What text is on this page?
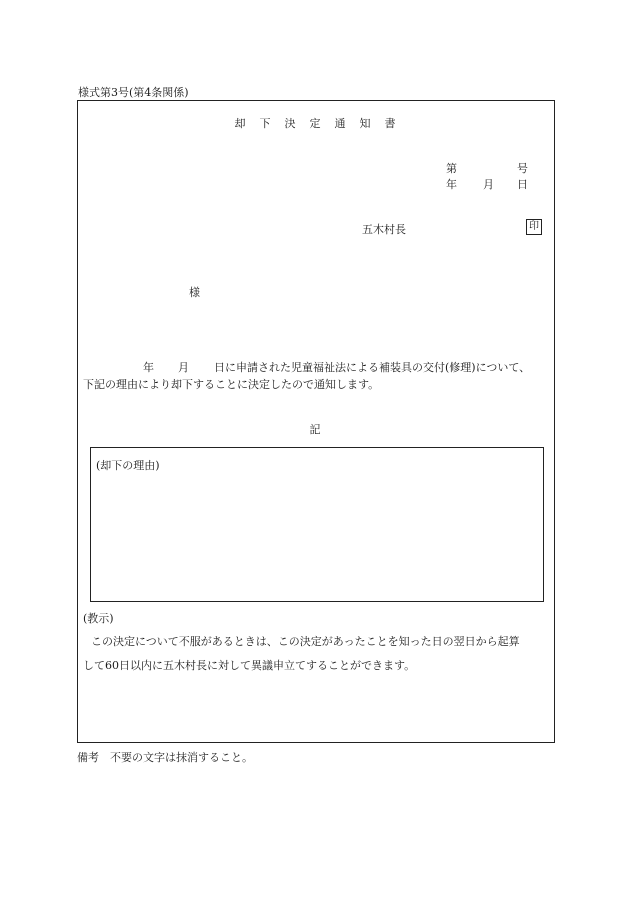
様式第3号(第4条関係)
却 下 決 定 通 知 書
第	号
年 月 日
五木村長	印
様
年 月 日に申請された児童福祉法による補装具の交付(修理)について、
下記の理由により却下することに決定したので通知します。
記
(却下の理由)
(教示)
この決定について不服があるときは、この決定があったことを知った日の翌日から起算
して60日以内に五木村長に対して異議申立てすることができます。
備考　不要の文字は抹消すること。
